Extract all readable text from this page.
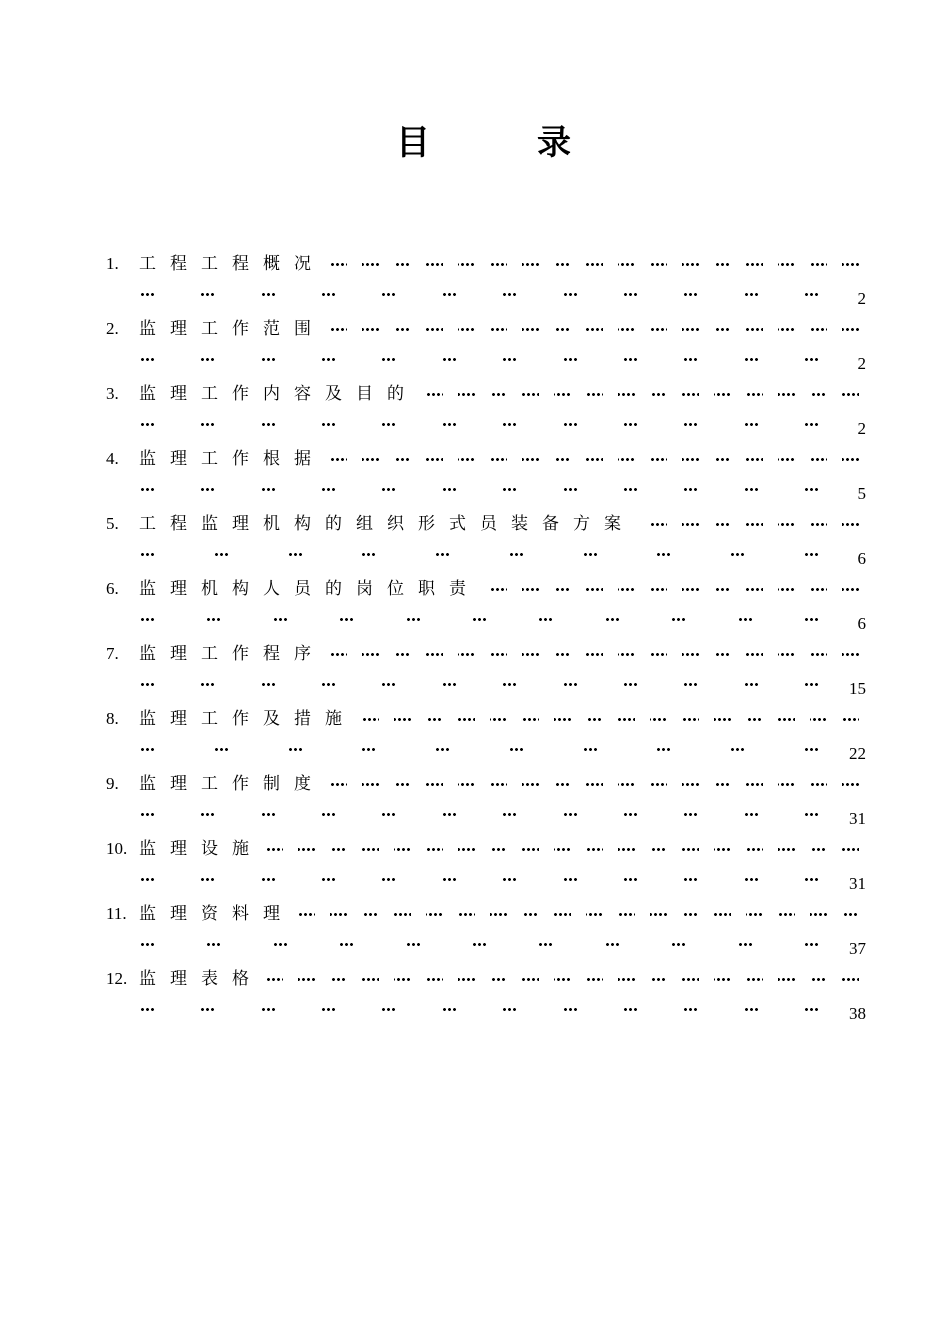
目	录
1. 工程工程概况
2
2. 监理工作范围
2
3. 监理工作内容及目的
2
4. 监理工作根据
5
5. 工程监理机构的组织形式员装备方案
6
6. 监理机构人员的岗位职责
6
7. 监理工作程序
15
8. 监理工作及措施
22
9. 监理工作制度
31
10. 监理设施
31
11. 监理资料理
37
12. 监理表格
38
